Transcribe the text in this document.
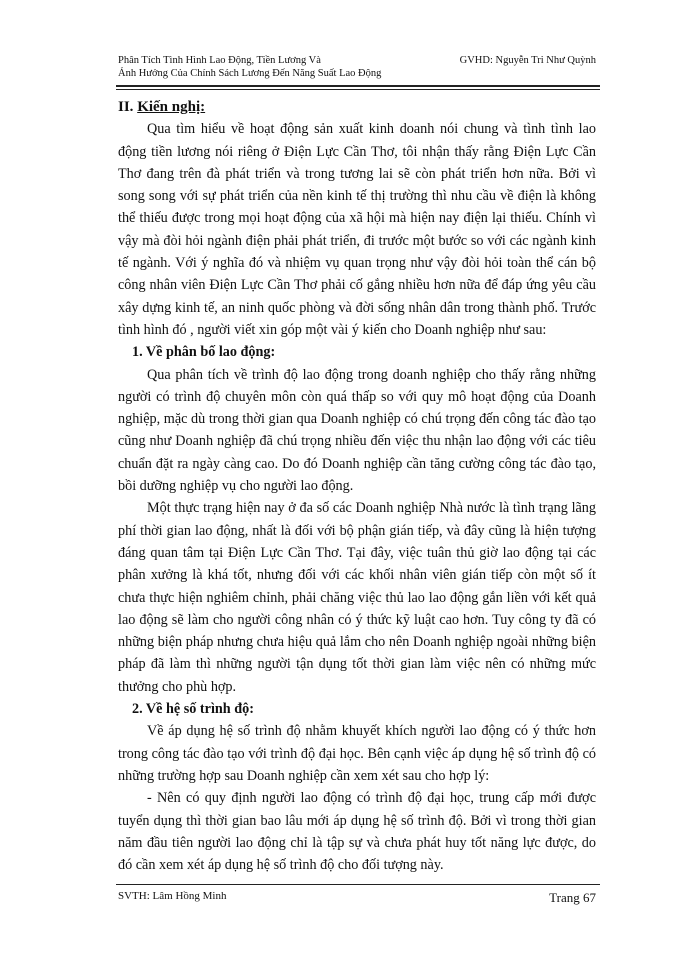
Phân Tích Tình Hình Lao Động, Tiền Lương Và
Ảnh Hưởng Của Chính Sách Lương Đến Năng Suất Lao Động
GVHD: Nguyễn Tri Như Quỳnh

II. Kiến nghị:

Qua tìm hiểu về hoạt động sản xuất kinh doanh nói chung và tình tình lao động tiền lương nói riêng ở Điện Lực Cần Thơ, tôi nhận thấy rằng Điện Lực Cần Thơ đang trên đà phát triển và trong tương lai sẽ còn phát triển hơn nữa. Bởi vì song song với sự phát triển của nền kinh tế thị trường thì nhu cầu về điện là không thể thiếu được trong mọi hoạt động của xã hội mà hiện nay điện lại thiếu. Chính vì vậy mà đòi hỏi ngành điện phải phát triển, đi trước một bước so với các ngành kinh tế ngành. Với ý nghĩa đó và nhiệm vụ quan trọng như vậy đòi hỏi toàn thể cán bộ công nhân viên Điện Lực Cần Thơ phải cố gắng nhiều hơn nữa để đáp ứng yêu cầu xây dựng kinh tế, an ninh quốc phòng và đời sống nhân dân trong thành phố. Trước tình hình đó , người viết xin góp một vài ý kiến cho Doanh nghiệp như sau:

1. Về phân bố lao động:

Qua phân tích về trình độ lao động trong doanh nghiệp cho thấy rằng những người có trình độ chuyên môn còn quá thấp so với quy mô hoạt động của Doanh nghiệp, mặc dù trong thời gian qua Doanh nghiệp có chú trọng đến công tác đào tạo cũng như Doanh nghiệp đã chú trọng nhiều đến việc thu nhận lao động với các tiêu chuẩn đặt ra ngày càng cao. Do đó Doanh nghiệp cần tăng cường công tác đào tạo, bồi dưỡng nghiệp vụ cho người lao động.

Một thực trạng hiện nay ở đa số các Doanh nghiệp Nhà nước là tình trạng lãng phí thời gian lao động, nhất là đối với bộ phận gián tiếp, và đây cũng là hiện tượng đáng quan tâm tại Điện Lực Cần Thơ. Tại đây, việc tuân thủ giờ lao động tại các phân xưởng là khá tốt, nhưng đối với các khối nhân viên gián tiếp còn một số ít chưa thực hiện nghiêm chỉnh, phải chăng việc thủ lao lao động gắn liền với kết quả lao động sẽ làm cho người công nhân có ý thức kỹ luật cao hơn. Tuy công ty đã có những biện pháp nhưng chưa hiệu quả lắm cho nên Doanh nghiệp ngoài những biện pháp đã làm thì những người tận dụng tốt thời gian làm việc nên có những mức thưởng cho phù hợp.

2. Về hệ số trình độ:

Về áp dụng hệ số trình độ nhằm khuyết khích người lao động có ý thức hơn trong công tác đào tạo với trình độ đại học. Bên cạnh việc áp dụng hệ số trình độ có những trường hợp sau Doanh nghiệp cần xem xét sau cho hợp lý:

- Nên có quy định người lao động có trình độ đại học, trung cấp mới được tuyển dụng thì thời gian bao lâu mới áp dụng hệ số trình độ. Bởi vì trong thời gian năm đầu tiên người lao động chỉ là tập sự và chưa phát huy tốt năng lực được, do đó cần xem xét áp dụng hệ số trình độ cho đối tượng này.

SVTH: Lâm Hồng Minh	Trang 67
